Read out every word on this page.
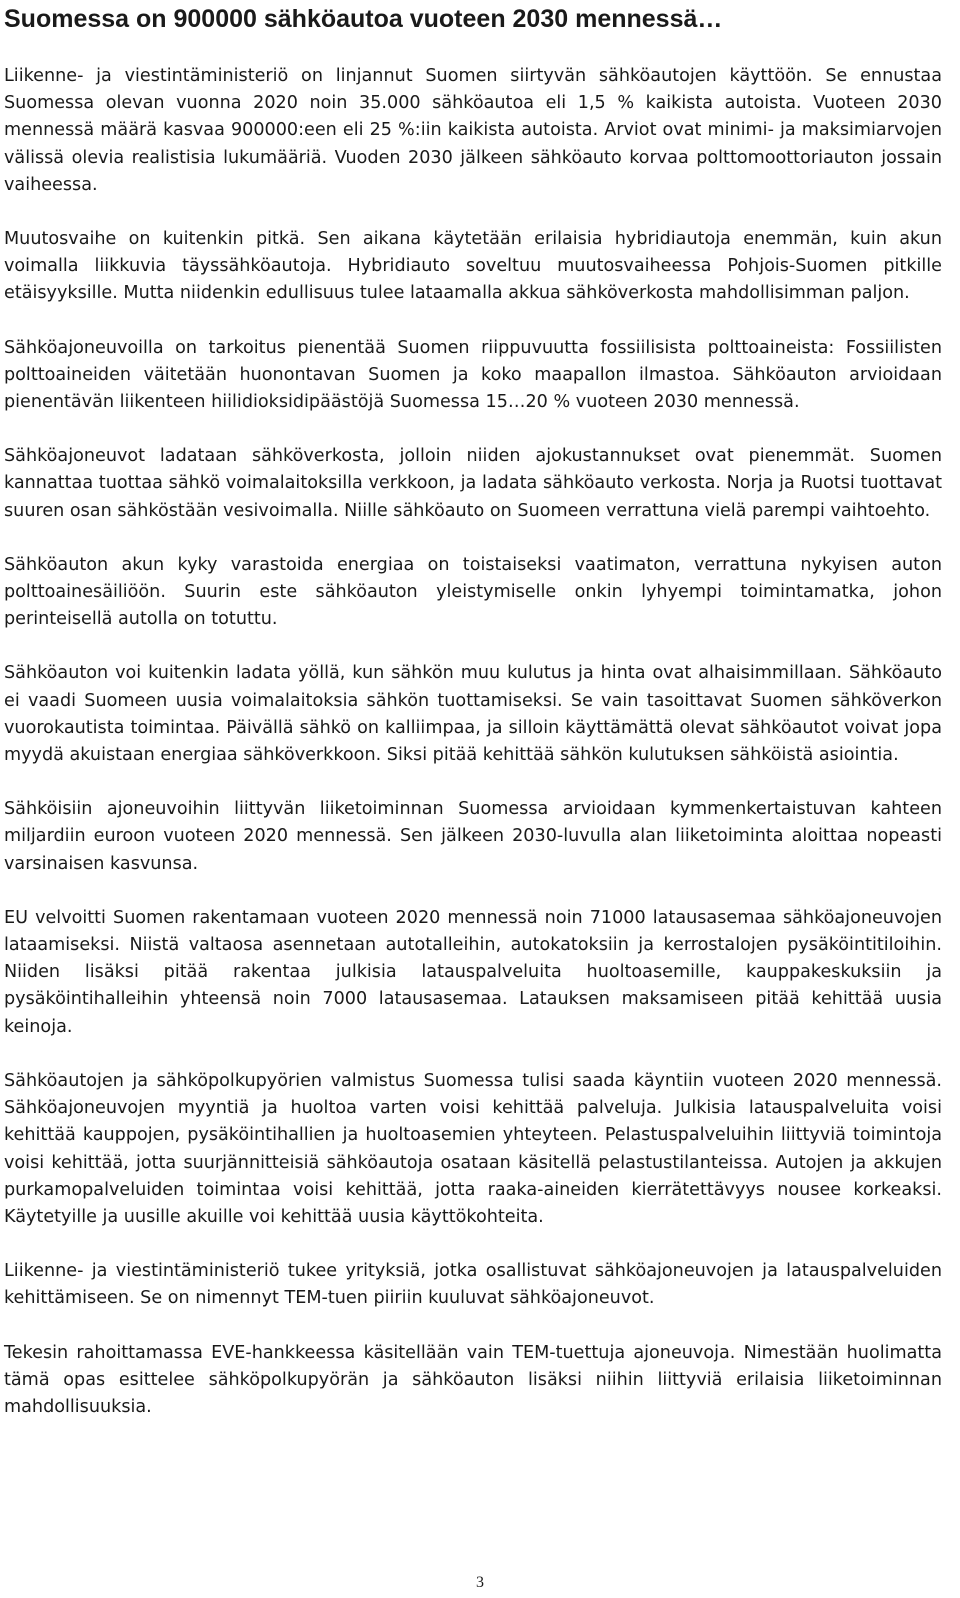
Suomessa on 900000 sähköautoa vuoteen 2030 mennessä…

Liikenne- ja viestintäministeriö on linjannut Suomen siirtyvän sähköautojen käyttöön. Se ennustaa Suomessa olevan vuonna 2020 noin 35.000 sähköautoa eli 1,5 % kaikista autoista. Vuoteen 2030 mennessä määrä kasvaa 900000:een eli 25 %:iin kaikista autoista. Arviot ovat minimi- ja maksimiarvojen välissä olevia realistisia lukumääriä. Vuoden 2030 jälkeen sähköauto korvaa polttomoottoriauton jossain vaiheessa.

Muutosvaihe on kuitenkin pitkä. Sen aikana käytetään erilaisia hybridiautoja enemmän, kuin akun voimalla liikkuvia täyssähköautoja. Hybridiauto soveltuu muutosvaiheessa Pohjois-Suomen pitkille etäisyyksille. Mutta niidenkin edullisuus tulee lataamalla akkua sähköverkosta mahdollisimman paljon.

Sähköajoneuvoilla on tarkoitus pienentää Suomen riippuvuutta fossiilisista polttoaineista: Fossiilisten polttoaineiden väitetään huonontavan Suomen ja koko maapallon ilmastoa. Sähköauton arvioidaan pienentävän liikenteen hiilidioksidipäästöjä Suomessa 15…20 % vuoteen 2030 mennessä.

Sähköajoneuvot ladataan sähköverkosta, jolloin niiden ajokustannukset ovat pienemmät. Suomen kannattaa tuottaa sähkö voimalaitoksilla verkkoon, ja ladata sähköauto verkosta. Norja ja Ruotsi tuottavat suuren osan sähköstään vesivoimalla. Niille sähköauto on Suomeen verrattuna vielä parempi vaihtoehto.

Sähköauton akun kyky varastoida energiaa on toistaiseksi vaatimaton, verrattuna nykyisen auton polttoainesäiliöön. Suurin este sähköauton yleistymiselle onkin lyhyempi toimintamatka, johon perinteisellä autolla on totuttu.

Sähköauton voi kuitenkin ladata yöllä, kun sähkön muu kulutus ja hinta ovat alhaisimmillaan. Sähköauto ei vaadi Suomeen uusia voimalaitoksia sähkön tuottamiseksi. Se vain tasoittavat Suomen sähköverkon vuorokautista toimintaa. Päivällä sähkö on kalliimpaa, ja silloin käyttämättä olevat sähköautot voivat jopa myydä akuistaan energiaa sähköverkkoon. Siksi pitää kehittää sähkön kulutuksen sähköistä asiointia.

Sähköisiin ajoneuvoihin liittyvän liiketoiminnan Suomessa arvioidaan kymmenkertaistuvan kahteen miljardiin euroon vuoteen 2020 mennessä. Sen jälkeen 2030-luvulla alan liiketoiminta aloittaa nopeasti varsinaisen kasvunsa.

EU velvoitti Suomen rakentamaan vuoteen 2020 mennessä noin 71000 latausasemaa sähköajoneuvojen lataamiseksi. Niistä valtaosa asennetaan autotalleihin, autokatoksiin ja kerrostalojen pysäköintitiloihin. Niiden lisäksi pitää rakentaa julkisia latauspalveluita huoltoasemille, kauppakeskuksiin ja pysäköintihalleihin yhteensä noin 7000 latausasemaa. Latauksen maksamiseen pitää kehittää uusia keinoja.

Sähköautojen ja sähköpolkupyörien valmistus Suomessa tulisi saada käyntiin vuoteen 2020 mennessä. Sähköajoneuvojen myyntiä ja huoltoa varten voisi kehittää palveluja. Julkisia latauspalveluita voisi kehittää kauppojen, pysäköintihallien ja huoltoasemien yhteyteen. Pelastuspalveluihin liittyviä toimintoja voisi kehittää, jotta suurjännitteisiä sähköautoja osataan käsitellä pelastustilanteissa. Autojen ja akkujen purkamopalveluiden toimintaa voisi kehittää, jotta raaka-aineiden kierrätettävyys nousee korkeaksi. Käytetyille ja uusille akuille voi kehittää uusia käyttökohteita.

Liikenne- ja viestintäministeriö tukee yrityksiä, jotka osallistuvat sähköajoneuvojen ja latauspalveluiden kehittämiseen. Se on nimennyt TEM-tuen piiriin kuuluvat sähköajoneuvot.

Tekesin rahoittamassa EVE-hankkeessa käsitellään vain TEM-tuettuja ajoneuvoja. Nimestään huolimatta tämä opas esittelee sähköpolkupyörän ja sähköauton lisäksi niihin liittyviä erilaisia liiketoiminnan mahdollisuuksia.

3
